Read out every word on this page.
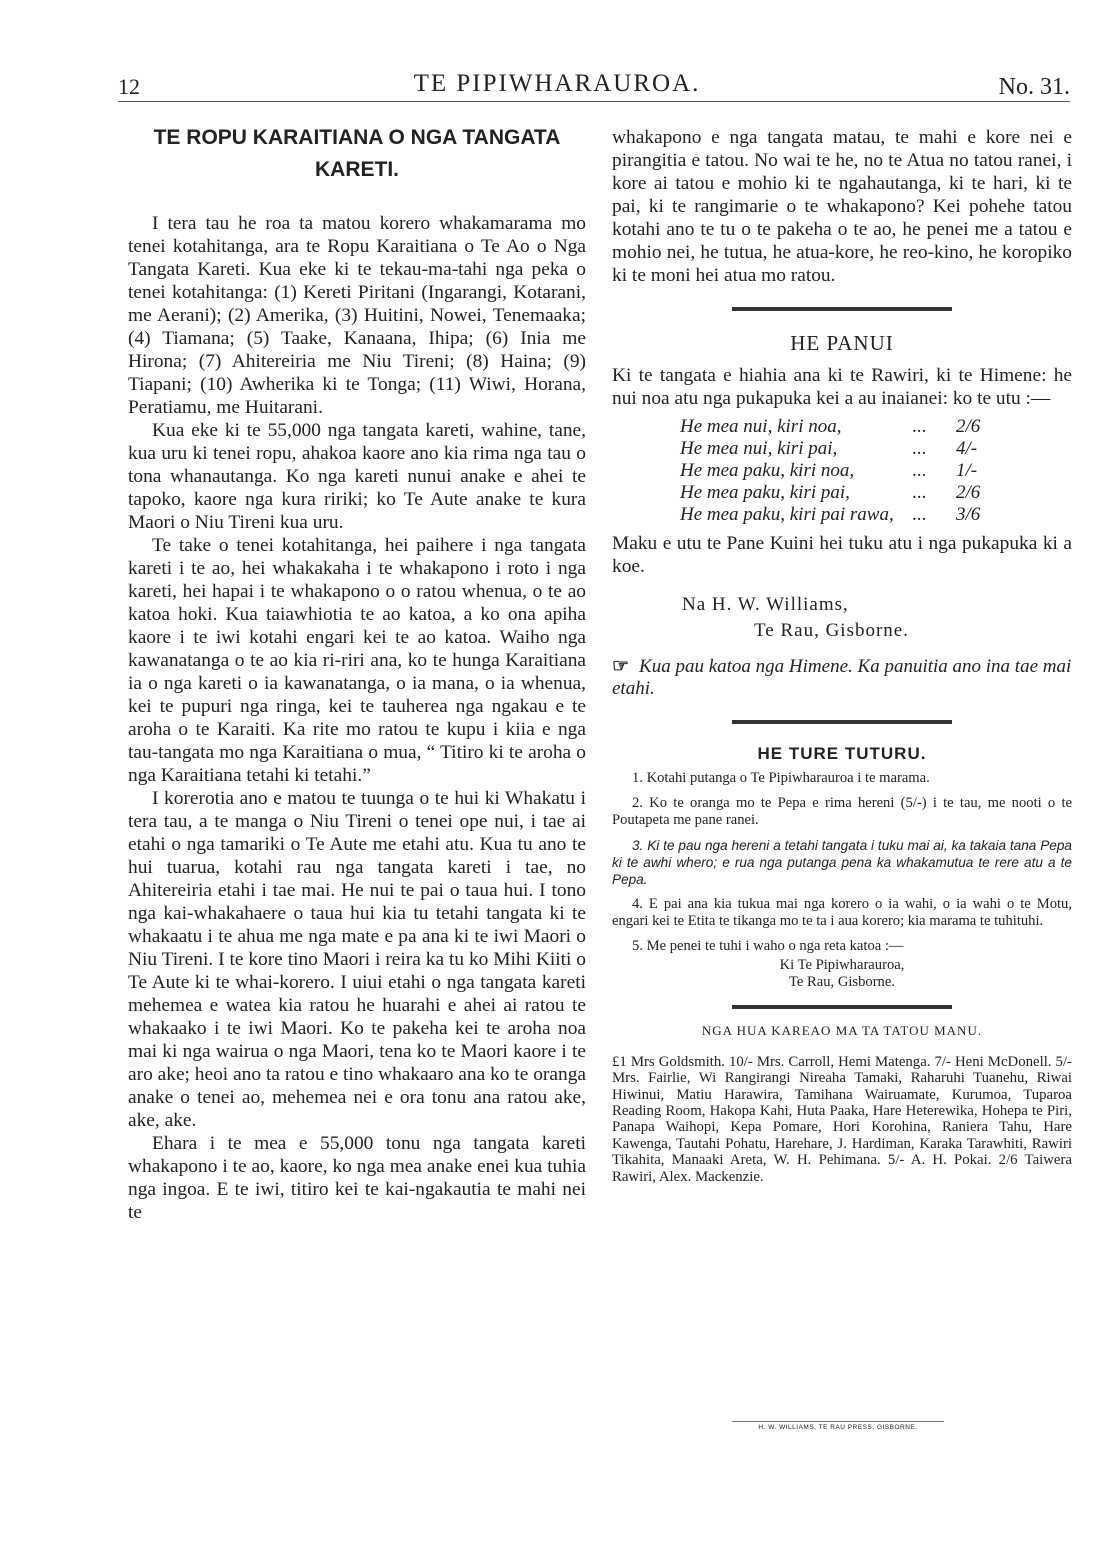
12	TE PIPIWHARAUROA.	No. 31.
TE ROPU KARAITIANA O NGA TANGATA
KARETI.

I tera tau he roa ta matou korero whakamarama mo tenei kotahitanga, ara te Ropu Karaitiana o Te Ao o Nga Tangata Kareti. Kua eke ki te tekau-ma-tahi nga peka o tenei kotahitanga: (1) Kereti Piritani (Ingarangi, Kotarani, me Aerani); (2) Amerika, (3) Huitini, Nowei, Tenemaaka; (4) Tiamana; (5) Taake, Kanaana, Ihipa; (6) Inia me Hirona; (7) Ahitereiria me Niu Tireni; (8) Haina; (9) Tiapani; (10) Awherika ki te Tonga; (11) Wiwi, Horana, Peratiamu, me Huitarani.

Kua eke ki te 55,000 nga tangata kareti, wahine, tane, kua uru ki tenei ropu, ahakoa kaore ano kia rima nga tau o tona whanautanga. Ko nga kareti nunui anake e ahei te tapoko, kaore nga kura ririki; ko Te Aute anake te kura Maori o Niu Tireni kua uru.

Te take o tenei kotahitanga, hei paihere i nga tangata kareti i te ao, hei whakakaha i te whakapono i roto i nga kareti, hei hapai i te whakapono o o ratou whenua, o te ao katoa hoki. Kua taiawhiotia te ao katoa, a ko ona apiha kaore i te iwi kotahi engari kei te ao katoa. Waiho nga kawanatanga o te ao kia ri-riri ana, ko te hunga Karaitiana ia o nga kareti o ia kawanatanga, o ia mana, o ia whenua, kei te pupuri nga ringa, kei te tauherea nga ngakau e te aroha o te Karaiti. Ka rite mo ratou te kupu i kiia e nga tau-tangata mo nga Karaitiana o mua, “ Titiro ki te aroha o nga Karaitiana tetahi ki tetahi.”

I korerotia ano e matou te tuunga o te hui ki Whakatu i tera tau, a te manga o Niu Tireni o tenei ope nui, i tae ai etahi o nga tamariki o Te Aute me etahi atu. Kua tu ano te hui tuarua, kotahi rau nga tangata kareti i tae, no Ahitereiria etahi i tae mai. He nui te pai o taua hui. I tono nga kai-whakahaere o taua hui kia tu tetahi tangata ki te whakaatu i te ahua me nga mate e pa ana ki te iwi Maori o Niu Tireni. I te kore tino Maori i reira ka tu ko Mihi Kiiti o Te Aute ki te whai-korero. I uiui etahi o nga tangata kareti mehemea e watea kia ratou he huarahi e ahei ai ratou te whakaako i te iwi Maori. Ko te pakeha kei te aroha noa mai ki nga wairua o nga Maori, tena ko te Maori kaore i te aro ake; heoi ano ta ratou e tino whakaaro ana ko te oranga anake o tenei ao, mehemea nei e ora tonu ana ratou ake, ake, ake.

Ehara i te mea e 55,000 tonu nga tangata kareti whakapono i te ao, kaore, ko nga mea anake enei kua tuhia nga ingoa. E te iwi, titiro kei te kai-ngakautia te mahi nei te

whakapono e nga tangata matau, te mahi e kore nei e pirangitia e tatou. No wai te he, no te Atua no tatou ranei, i kore ai tatou e mohio ki te ngahautanga, ki te hari, ki te pai, ki te rangimarie o te whakapono? Kei pohehe tatou kotahi ano te tu o te pakeha o te ao, he penei me a tatou e mohio nei, he tutua, he atua-kore, he reo-kino, he koropiko ki te moni hei atua mo ratou.

HE PANUI

Ki te tangata e hiahia ana ki te Rawiri, ki te Himene: he nui noa atu nga pukapuka kei a au inaianei: ko te utu :—

He mea nui, kiri noa,	...	2/6
He mea nui, kiri pai,	...	4/-
He mea paku, kiri noa,	...	1/-
He mea paku, kiri pai,	...	2/6
He mea paku, kiri pai rawa, ...	3/6

Maku e utu te Pane Kuini hei tuku atu i nga pukapuka ki a koe.

Na H. W. Williams,
Te Rau, Gisborne.
☞ Kua pau katoa nga Himene. Ka panuitia ano ina tae mai etahi.
HE TURE TUTURU.

1. Kotahi putanga o Te Pipiwharauroa i te marama.

2. Ko te oranga mo te Pepa e rima hereni (5/-) i te tau, me nooti o te Poutapeta me pane ranei.

3. Ki te pau nga hereni a tetahi tangata i tuku mai ai, ka takaia tana Pepa ki te awhi whero; e rua nga putanga pena ka whakamutua te rere atu a te Pepa.

4. E pai ana kia tukua mai nga korero o ia wahi, o ia wahi o te Motu, engari kei te Etita te tikanga mo te ta i aua korero; kia marama te tuhituhi.

5. Me penei te tuhi i waho o nga reta katoa :—

Ki Te Pipiwharauroa,
Te Rau, Gisborne.
NGA HUA KAREAO MA TA TATOU MANU.

£1 Mrs Goldsmith. 10/- Mrs. Carroll, Hemi Matenga. 7/- Heni McDonell. 5/- Mrs. Fairlie, Wi Rangirangi Nireaha Tamaki, Raharuhi Tuanehu, Riwai Hiwinui, Matiu Harawira, Tamihana Wairuamate, Kurumoa, Tuparoa Reading Room, Hakopa Kahi, Huta Paaka, Hare Heterewika, Hohepa te Piri, Panapa Waihopi, Kepa Pomare, Hori Korohina, Raniera Tahu, Hare Kawenga, Tautahi Pohatu, Harehare, J. Hardiman, Karaka Tarawhiti, Rawiri Tikahita, Manaaki Areta, W. H. Pehimana. 5/- A. H. Pokai. 2/6 Taiwera Rawiri, Alex. Mackenzie.

H. W. WILLIAMS, TE RAU PRESS, GISBORNE.
